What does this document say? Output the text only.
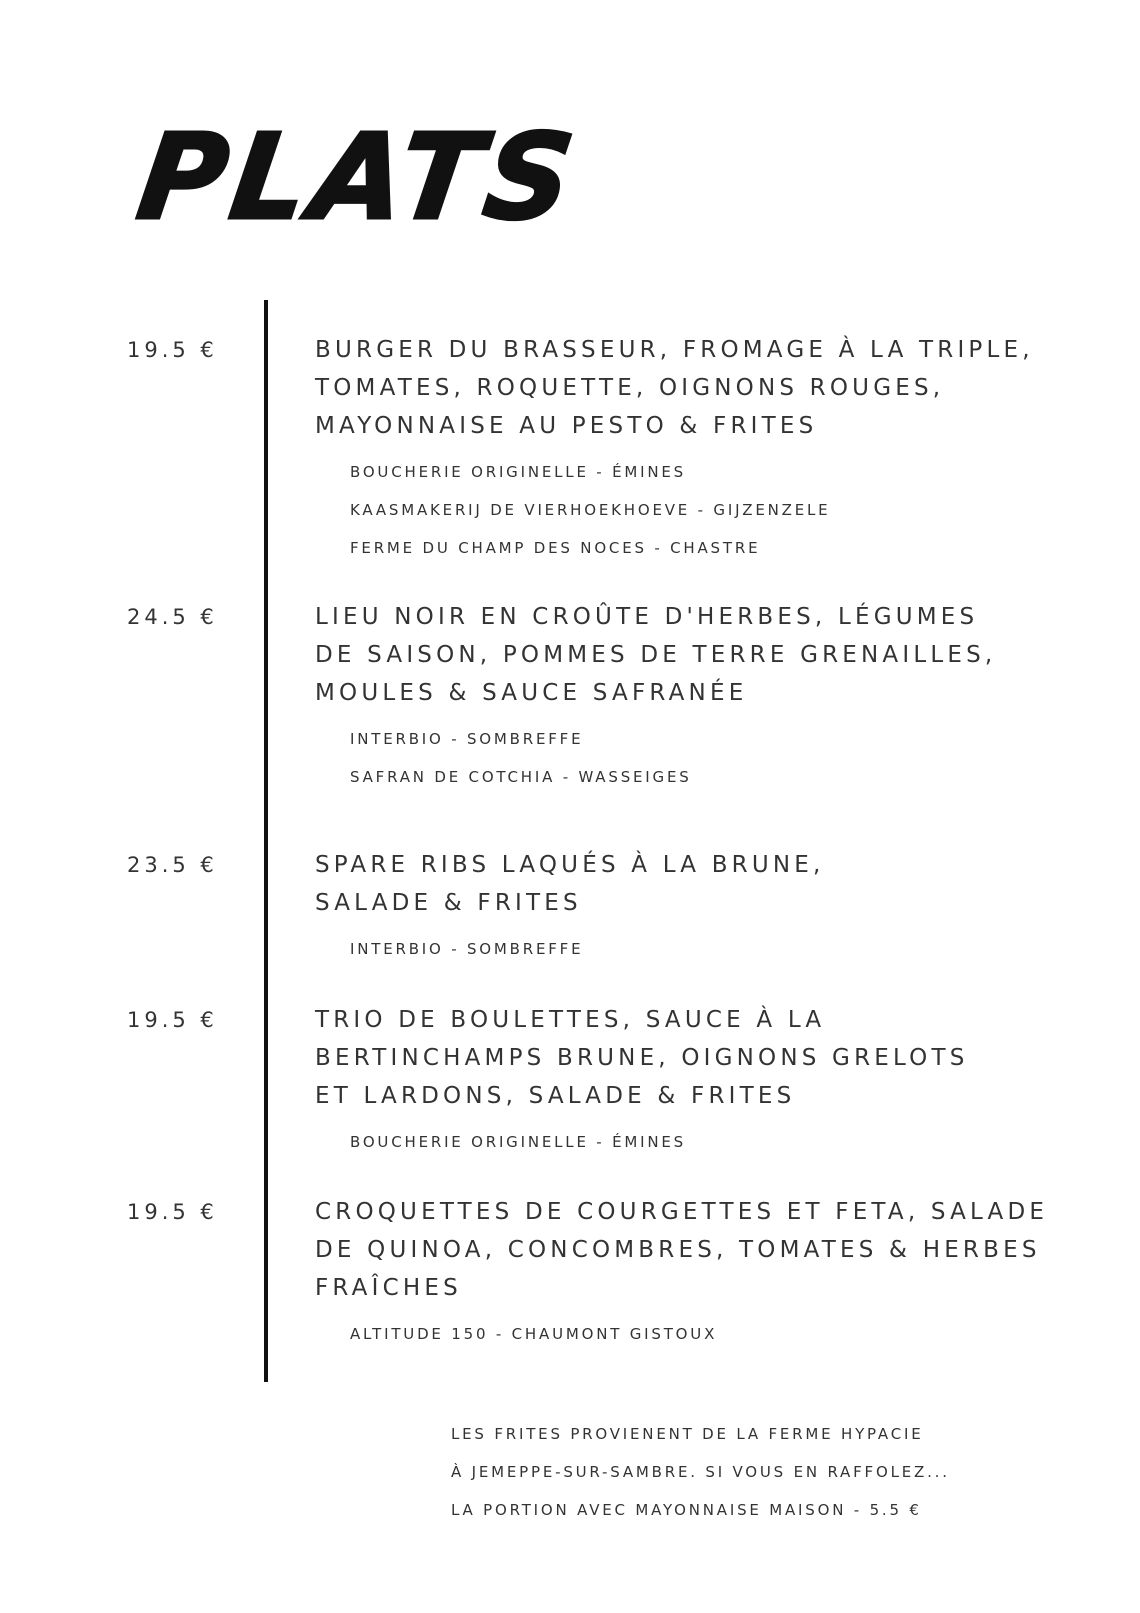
PLATS
19.5 €	BURGER DU BRASSEUR, FROMAGE À LA TRIPLE,
TOMATES, ROQUETTE, OIGNONS ROUGES,
MAYONNAISE AU PESTO & FRITES
BOUCHERIE ORIGINELLE - ÉMINES
KAASMAKERIJ DE VIERHOEKHOEVE - GIJZENZELE
FERME DU CHAMP DES NOCES - CHASTRE
24.5 €	LIEU NOIR EN CROÛTE D'HERBES, LÉGUMES
DE SAISON, POMMES DE TERRE GRENAILLES,
MOULES & SAUCE SAFRANÉE
INTERBIO - SOMBREFFE
SAFRAN DE COTCHIA - WASSEIGES
23.5 €	SPARE RIBS LAQUÉS À LA BRUNE,
SALADE & FRITES
INTERBIO - SOMBREFFE
19.5 €	TRIO DE BOULETTES, SAUCE À LA
BERTINCHAMPS BRUNE, OIGNONS GRELOTS
ET LARDONS, SALADE & FRITES
BOUCHERIE ORIGINELLE - ÉMINES
19.5 €	CROQUETTES DE COURGETTES ET FETA, SALADE
DE QUINOA, CONCOMBRES, TOMATES & HERBES
FRAÎCHES
ALTITUDE 150 - CHAUMONT GISTOUX
LES FRITES PROVIENENT DE LA FERME HYPACIE
À JEMEPPE-SUR-SAMBRE. SI VOUS EN RAFFOLEZ...
LA PORTION AVEC MAYONNAISE MAISON - 5.5 €
